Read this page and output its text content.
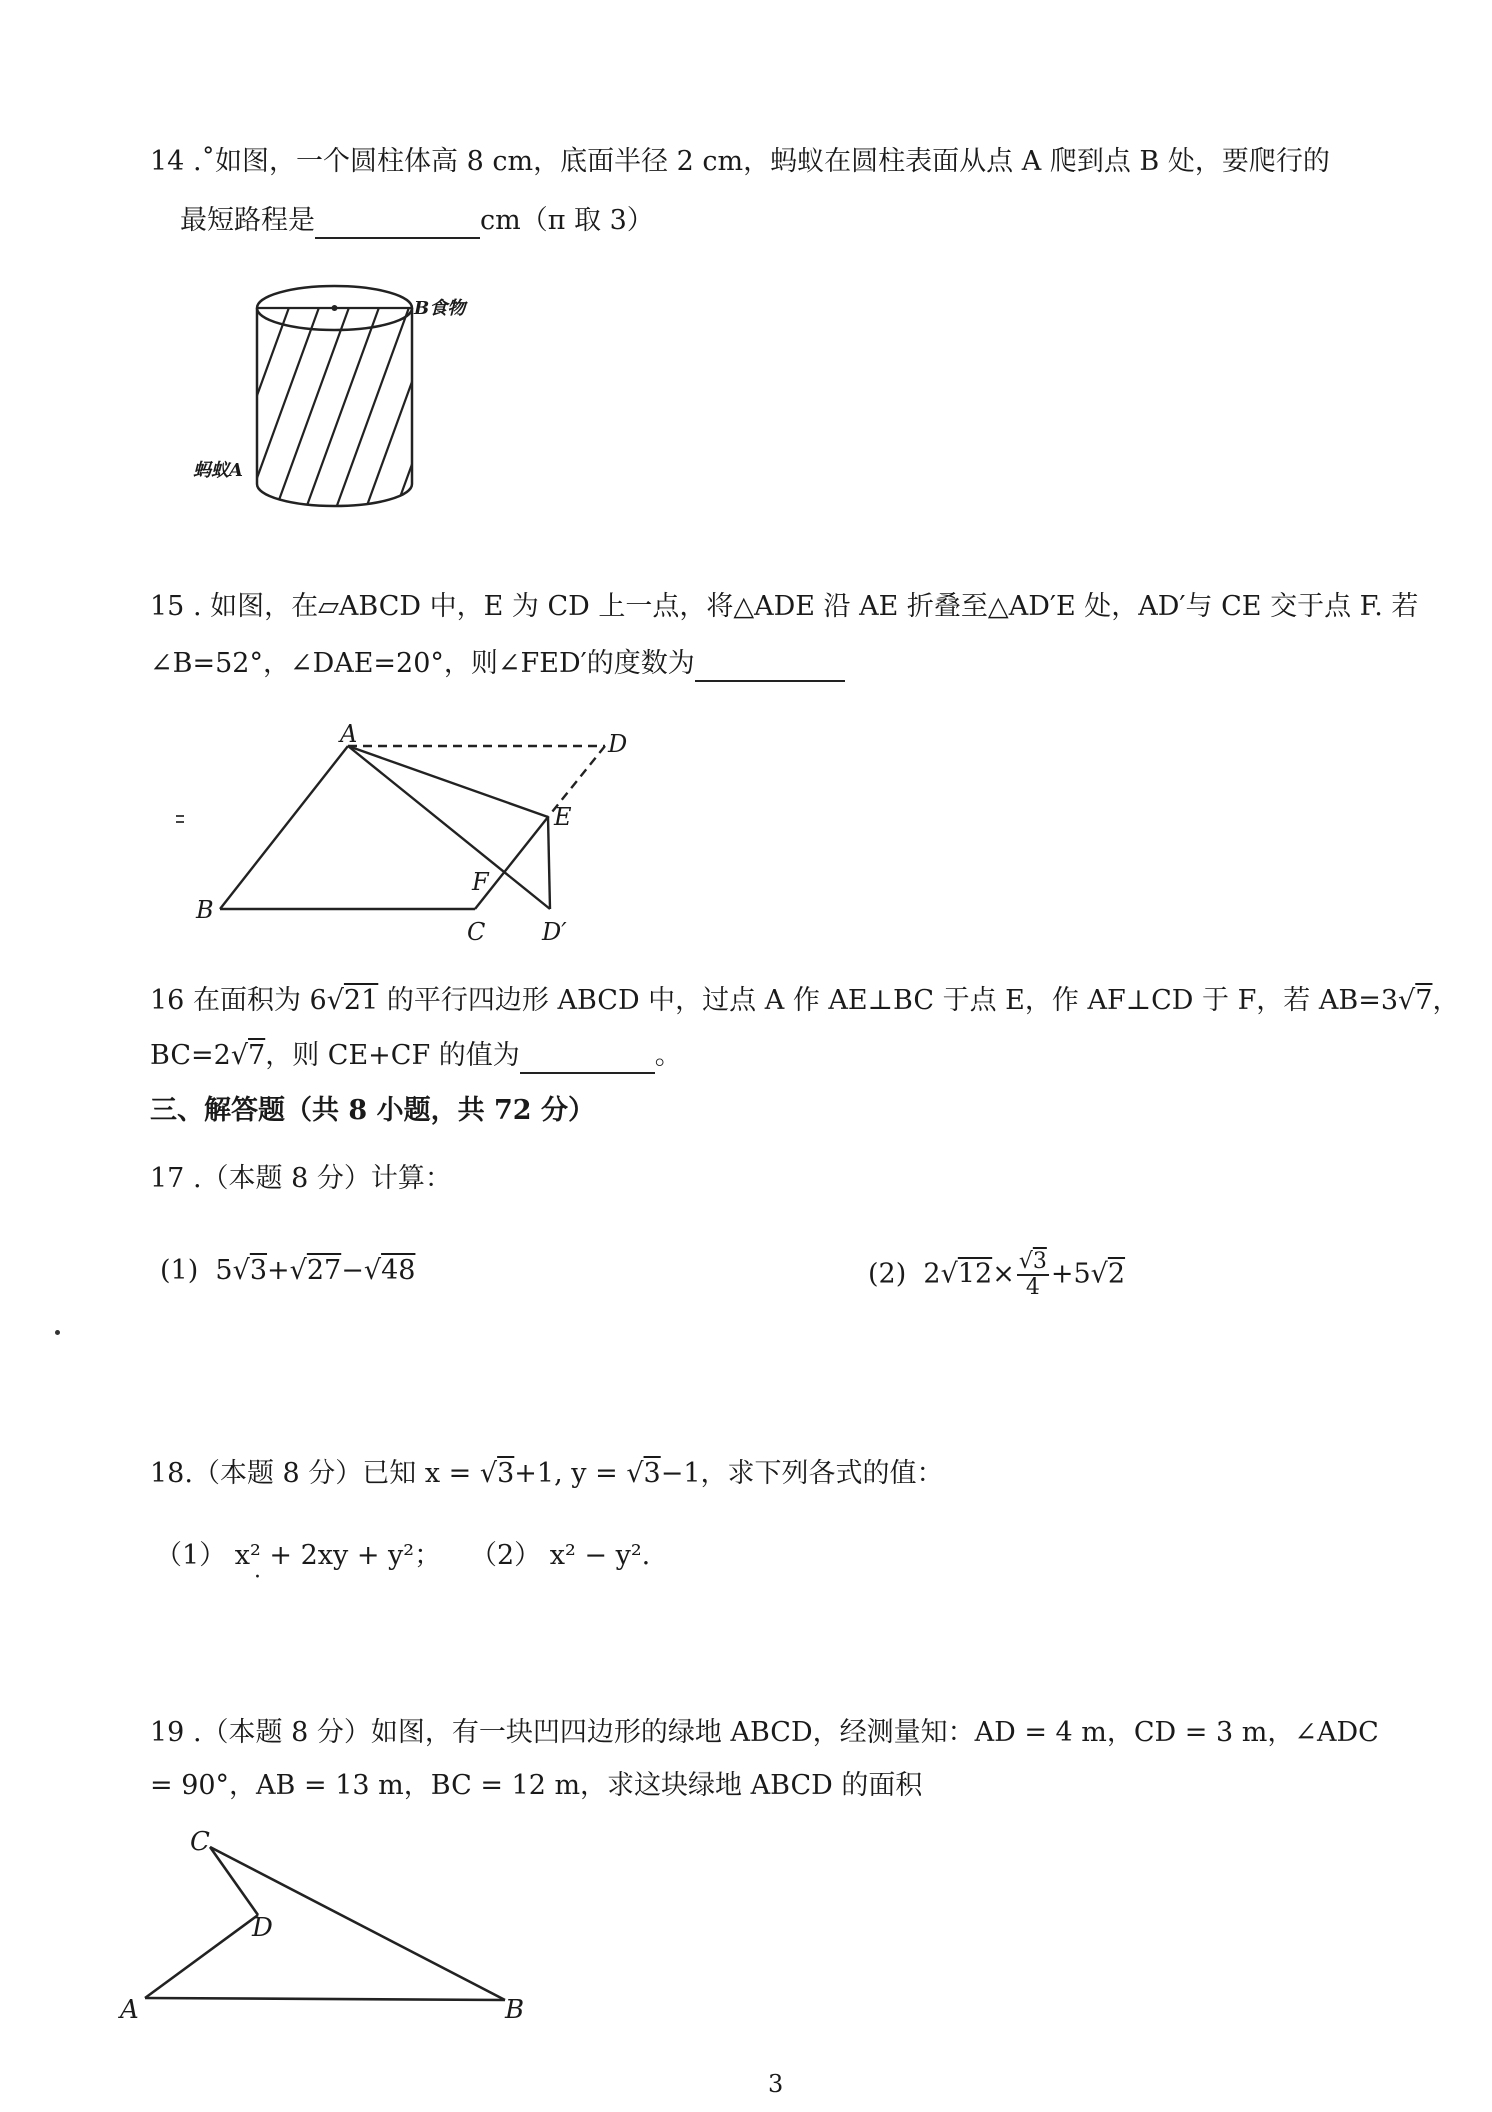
14 .˚如图，一个圆柱体高 8 cm，底面半径 2 cm，蚂蚁在圆柱表面从点 A 爬到点 B 处，要爬行的
最短路程是	cm（π 取 3）
B食物
蚂蚁A
15 . 如图，在▱ABCD 中，E 为 CD 上一点，将△ADE 沿 AE 折叠至△AD′E 处，AD′与 CE 交于点 F. 若
∠B=52°，∠DAE=20°，则∠FED′的度数为
A	D
E
F
B
C D′
16 在面积为 6√21 的平行四边形 ABCD 中，过点 A 作 AE⊥BC 于点 E，作 AF⊥CD 于 F，若 AB=3√7，
BC=2√7，则 CE+CF 的值为	。
三、解答题（共 8 小题，共 72 分）
17 .（本题 8 分）计算：
(1) 5√3+√27−√48	(2) $2√12\times \frac{√3}{4} +5√2$
18.（本题 8 分）已知 x = √3+1, y = √3−1，求下列各式的值：
（1） x² + 2xy + y²； （2） x² − y².
·
19 .（本题 8 分）如图，有一块凹四边形的绿地 ABCD，经测量知：AD = 4 m，CD = 3 m，∠ADC
= 90°，AB = 13 m，BC = 12 m，求这块绿地 ABCD 的面积
C
D
A	B
3
